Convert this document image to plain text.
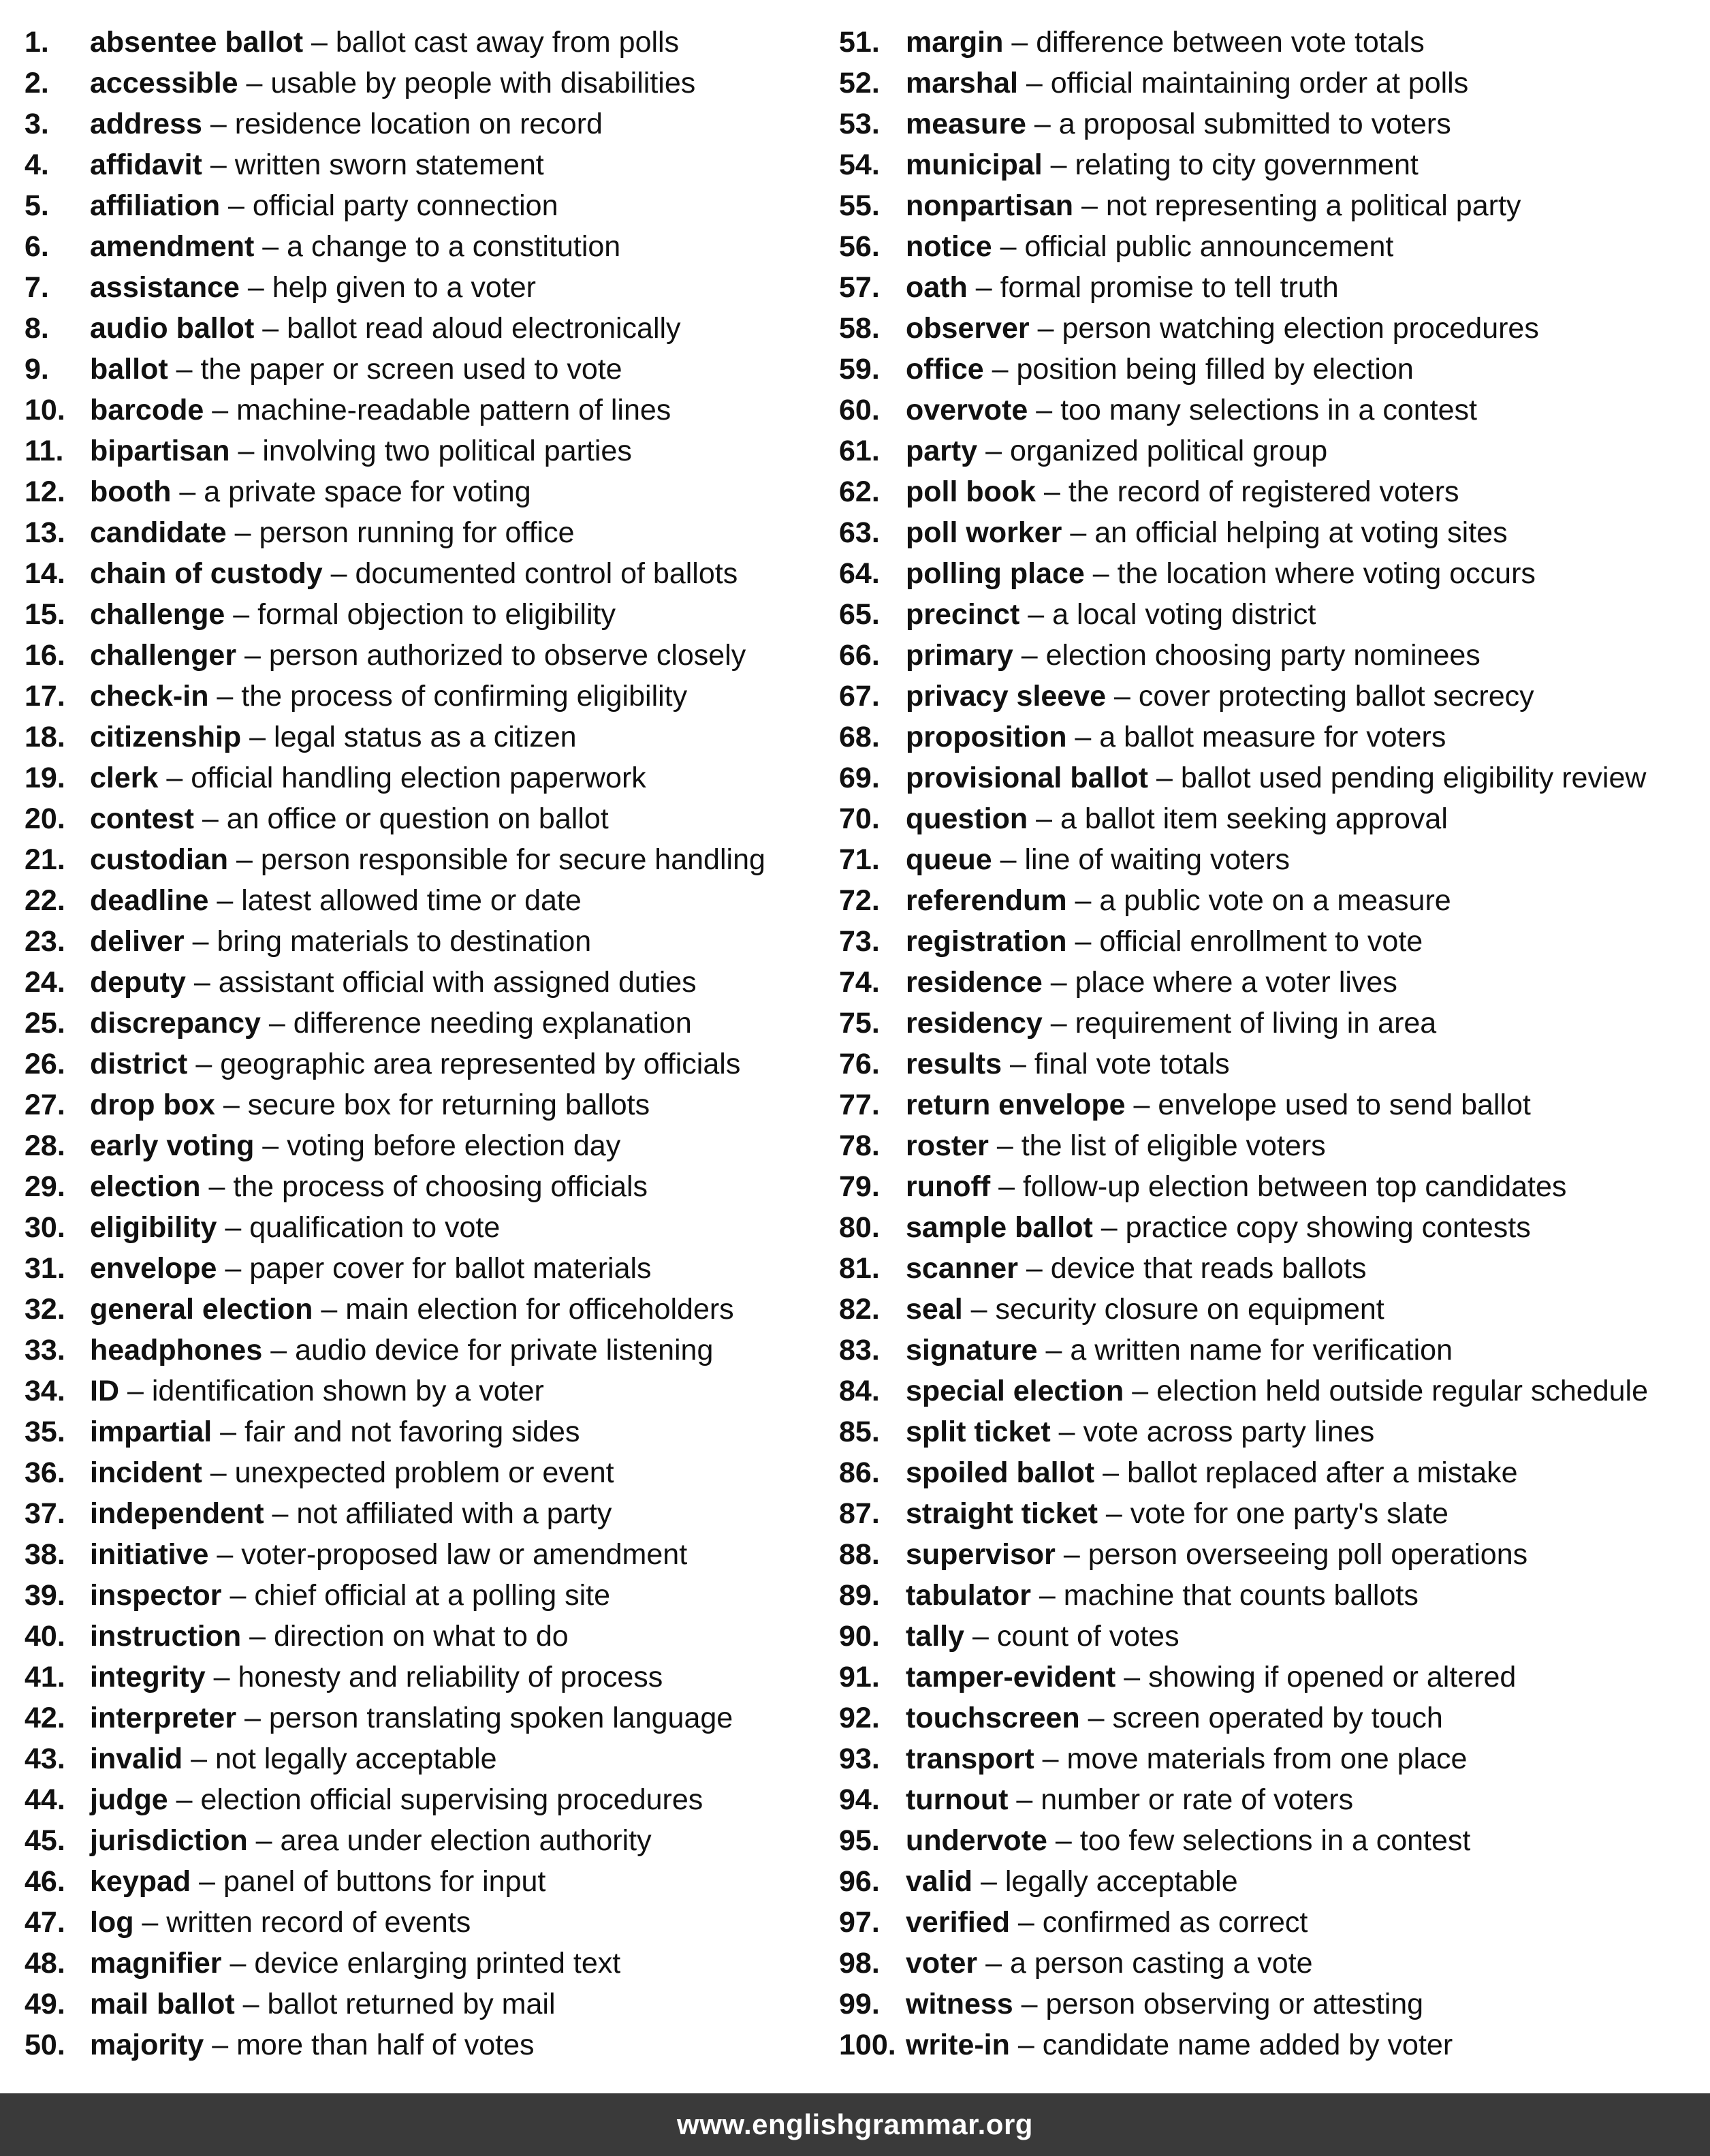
1. absentee ballot – ballot cast away from polls
2. accessible – usable by people with disabilities
3. address – residence location on record
4. affidavit – written sworn statement
5. affiliation – official party connection
6. amendment – a change to a constitution
7. assistance – help given to a voter
8. audio ballot – ballot read aloud electronically
9. ballot – the paper or screen used to vote
10. barcode – machine-readable pattern of lines
11. bipartisan – involving two political parties
12. booth – a private space for voting
13. candidate – person running for office
14. chain of custody – documented control of ballots
15. challenge – formal objection to eligibility
16. challenger – person authorized to observe closely
17. check-in – the process of confirming eligibility
18. citizenship – legal status as a citizen
19. clerk – official handling election paperwork
20. contest – an office or question on ballot
21. custodian – person responsible for secure handling
22. deadline – latest allowed time or date
23. deliver – bring materials to destination
24. deputy – assistant official with assigned duties
25. discrepancy – difference needing explanation
26. district – geographic area represented by officials
27. drop box – secure box for returning ballots
28. early voting – voting before election day
29. election – the process of choosing officials
30. eligibility – qualification to vote
31. envelope – paper cover for ballot materials
32. general election – main election for officeholders
33. headphones – audio device for private listening
34. ID – identification shown by a voter
35. impartial – fair and not favoring sides
36. incident – unexpected problem or event
37. independent – not affiliated with a party
38. initiative – voter-proposed law or amendment
39. inspector – chief official at a polling site
40. instruction – direction on what to do
41. integrity – honesty and reliability of process
42. interpreter – person translating spoken language
43. invalid – not legally acceptable
44. judge – election official supervising procedures
45. jurisdiction – area under election authority
46. keypad – panel of buttons for input
47. log – written record of events
48. magnifier – device enlarging printed text
49. mail ballot – ballot returned by mail
50. majority – more than half of votes
51. margin – difference between vote totals
52. marshal – official maintaining order at polls
53. measure – a proposal submitted to voters
54. municipal – relating to city government
55. nonpartisan – not representing a political party
56. notice – official public announcement
57. oath – formal promise to tell truth
58. observer – person watching election procedures
59. office – position being filled by election
60. overvote – too many selections in a contest
61. party – organized political group
62. poll book – the record of registered voters
63. poll worker – an official helping at voting sites
64. polling place – the location where voting occurs
65. precinct – a local voting district
66. primary – election choosing party nominees
67. privacy sleeve – cover protecting ballot secrecy
68. proposition – a ballot measure for voters
69. provisional ballot – ballot used pending eligibility review
70. question – a ballot item seeking approval
71. queue – line of waiting voters
72. referendum – a public vote on a measure
73. registration – official enrollment to vote
74. residence – place where a voter lives
75. residency – requirement of living in area
76. results – final vote totals
77. return envelope – envelope used to send ballot
78. roster – the list of eligible voters
79. runoff – follow-up election between top candidates
80. sample ballot – practice copy showing contests
81. scanner – device that reads ballots
82. seal – security closure on equipment
83. signature – a written name for verification
84. special election – election held outside regular schedule
85. split ticket – vote across party lines
86. spoiled ballot – ballot replaced after a mistake
87. straight ticket – vote for one party's slate
88. supervisor – person overseeing poll operations
89. tabulator – machine that counts ballots
90. tally – count of votes
91. tamper-evident – showing if opened or altered
92. touchscreen – screen operated by touch
93. transport – move materials from one place
94. turnout – number or rate of voters
95. undervote – too few selections in a contest
96. valid – legally acceptable
97. verified – confirmed as correct
98. voter – a person casting a vote
99. witness – person observing or attesting
100. write-in – candidate name added by voter
www.englishgrammar.org
